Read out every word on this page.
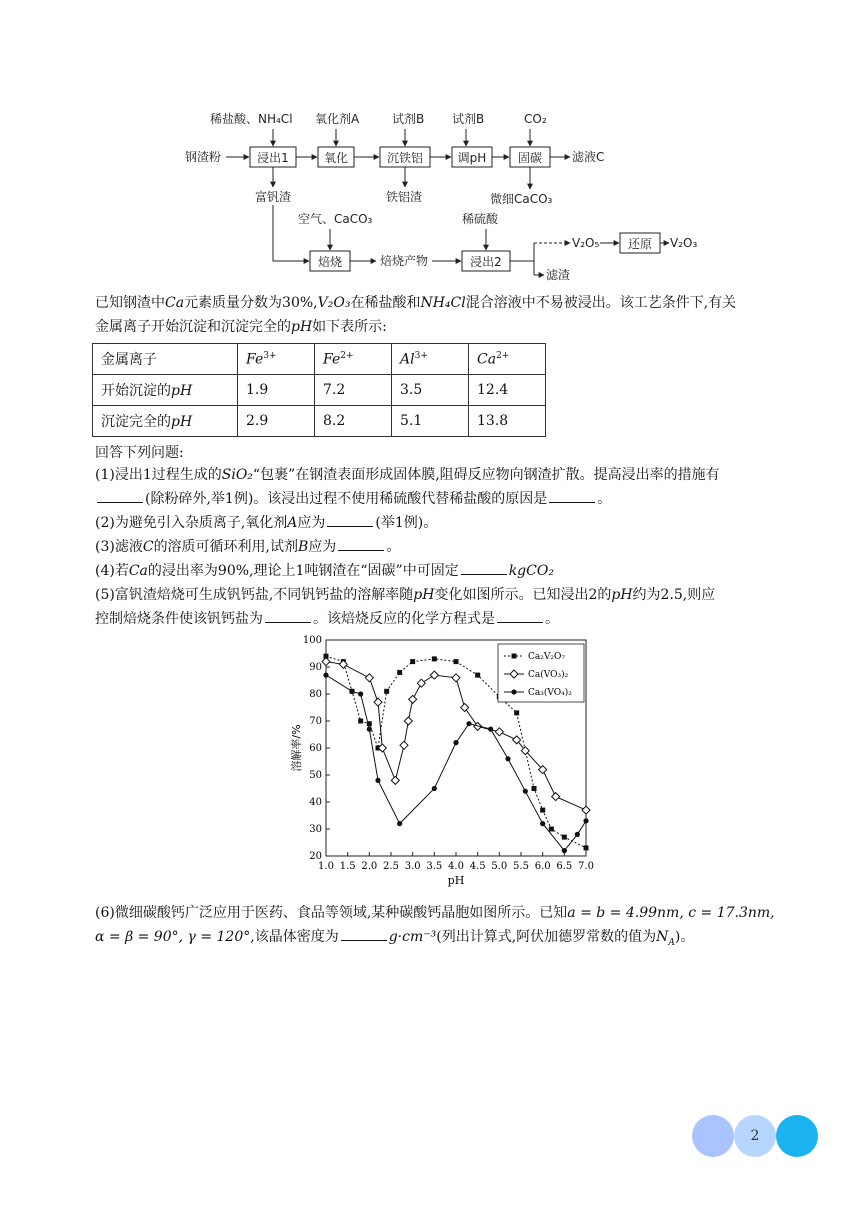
稀盐酸、NH₄Cl 氧化剂A	试剂B 试剂B	CO₂
钢渣粉	滤液C
富钒渣	铁铝渣	微细CaCO₃
空气、CaCO₃	稀硫酸
焙烧产物
滤渣
V₂O₅	V₂O₃
浸出1	氧化	沉铁铝	调pH	固碳
焙烧	浸出2
还原
已知钢渣中Ca元素质量分数为30%,V₂O₃在稀盐酸和NH₄Cl混合溶液中不易被浸出。该工艺条件下,有关
金属离子开始沉淀和沉淀完全的pH如下表所示:
金属离子	$Fe^{3+}$	$Fe^{2+}$	$Al^{3+}$	$Ca^{2+}$
开始沉淀的pH	1.9	7.2	3.5	12.4
沉淀完全的pH	2.9	8.2	5.1	13.8
回答下列问题:
(1)浸出1过程生成的SiO₂“包裹”在钢渣表面形成固体膜,阻碍反应物向钢渣扩散。提高浸出率的措施有
(除粉碎外,举1例)。该浸出过程不使用稀硫酸代替稀盐酸的原因是	。
(2)为避免引入杂质离子,氧化剂A应为	(举1例)。
(3)滤液C的溶质可循环利用,试剂B应为	。
(4)若Ca的浸出率为90%,理论上1吨钢渣在“固碳”中可固定	kgCO₂
(5)富钒渣焙烧可生成钒钙盐,不同钒钙盐的溶解率随pH变化如图所示。已知浸出2的pH约为2.5,则应
控制焙烧条件使该钒钙盐为	。该焙烧反应的化学方程式是	。
1.0 1.5 2.0 2.5 3.0 3.5 4.0 4.5 5.0 5.5 6.0 6.5 7.0
20
30
40
50
60
70
80
90
100
pH
溶解率/%
Ca₂V₂O₇
Ca(VO₃)₂
Ca₃(VO₄)₂
(6)微细碳酸钙广泛应用于医药、食品等领域,某种碳酸钙晶胞如图所示。已知a = b = 4.99nm, c = 17.3nm,
α = β = 90°, γ = 120°,该晶体密度为	g·cm⁻³(列出计算式,阿伏加德罗常数的值为$N_A$)。
2
